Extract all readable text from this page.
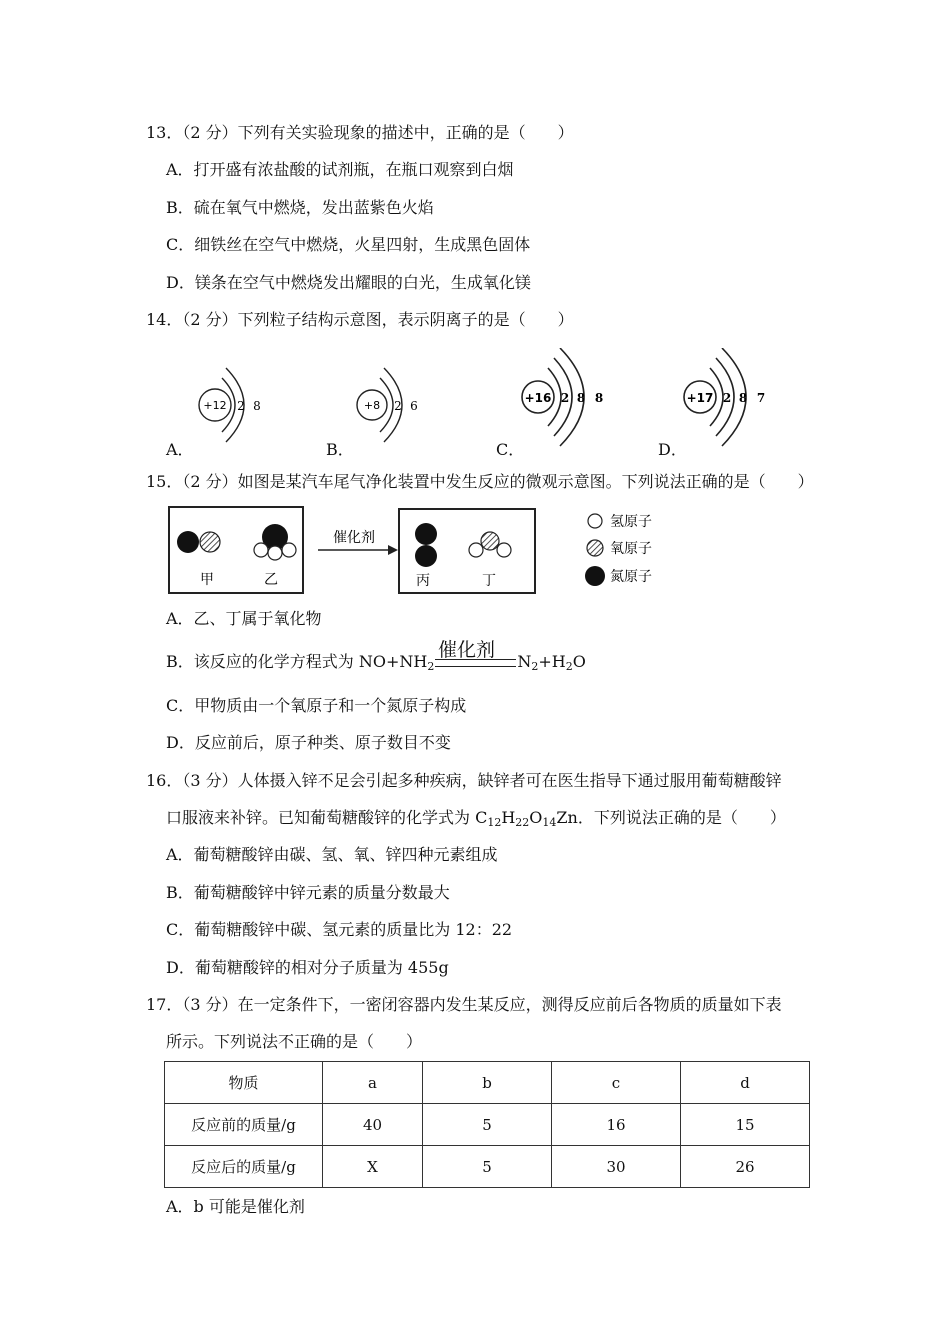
13．（2 分）下列有关实验现象的描述中，正确的是（　　）
A．打开盛有浓盐酸的试剂瓶，在瓶口观察到白烟
B．硫在氧气中燃烧，发出蓝紫色火焰
C．细铁丝在空气中燃烧，火星四射，生成黑色固体
D．镁条在空气中燃烧发出耀眼的白光，生成氧化镁
14．（2 分）下列粒子结构示意图，表示阴离子的是（　　）
+12 2 8
A．
+8 2 6
B．
+16 2 8 8
C．
+17 2 8 7
D．
15．（2 分）如图是某汽车尾气净化装置中发生反应的微观示意图。下列说法正确的是（　　）
甲	乙
催化剂
丙	丁
氢原子
氧原子
氮原子
A．乙、丁属于氧化物
催化剂
B．该反应的化学方程式为 $NO+NH_2$	$N_2+H_2O$
C．甲物质由一个氧原子和一个氮原子构成
D．反应前后，原子种类、原子数目不变
16．（3 分）人体摄入锌不足会引起多种疾病，缺锌者可在医生指导下通过服用葡萄糖酸锌
口服液来补锌。已知葡萄糖酸锌的化学式为 $C_{12}H_{22}O_{14}Zn$．下列说法正确的是（　　）
A．葡萄糖酸锌由碳、氢、氧、锌四种元素组成
B．葡萄糖酸锌中锌元素的质量分数最大
C．葡萄糖酸锌中碳、氢元素的质量比为 12：22
D．葡萄糖酸锌的相对分子质量为 455g
17．（3 分）在一定条件下，一密闭容器内发生某反应，测得反应前后各物质的质量如下表
所示。下列说法不正确的是（　　）
物质	a	b	c	d
反应前的质量/g	40	5	16	15
反应后的质量/g	X	5	30	26
A．b 可能是催化剂
